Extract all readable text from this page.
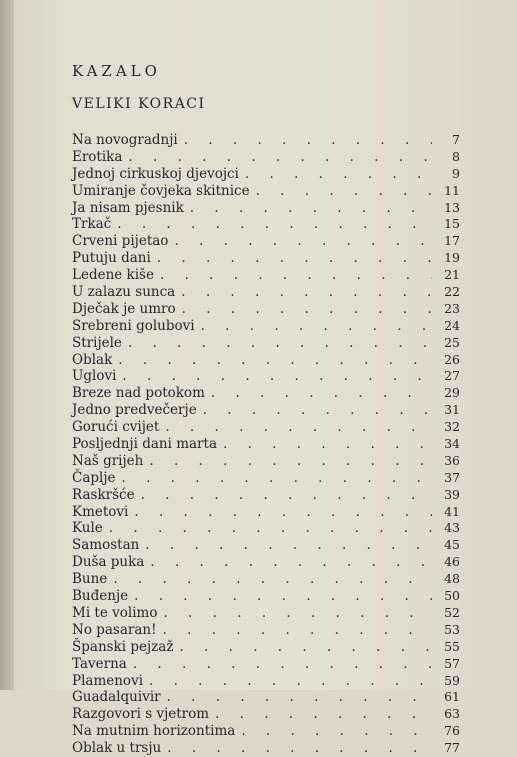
KAZALO
VELIKI KORACI
Na novogradnji . . .	7
Erotika . . .	8
Jednoj cirkuskoj djevojci . . .	9
Umiranje čovjeka skitnice . . .	11
Ja nisam pjesnik . . .	13
Trkač . . .	15
Crveni pijetao . . .	17
Putuju dani . . .	19
Ledene kiše . . .	21
U zalazu sunca . . .	22
Dječak je umro . . .	23
Srebreni golubovi . . .	24
Strijele . . .	25
Oblak . . .	26
Uglovi . . .	27
Breze nad potokom . . .	29
Jedno predvečerje . . .	31
Gorući cvijet . . .	32
Posljednji dani marta . . .	34
Naš grijeh . . .	36
Čaplje . . .	37
Raskršće . . .	39
Kmetovi . . .	41
Kule . . .	43
Samostan . . .	45
Duša puka . . .	46
Bune . . .	48
Buđenje . . .	50
Mi te volimo . . .	52
No pasaran! . . .	53
Španski pejzaž . . .	55
Taverna . . .	57
Plamenovi . . .	59
Guadalquivir . . .	61
Razgovori s vjetrom . . .	63
Na mutnim horizontima . . .	76
Oblak u trsju . . .	77
